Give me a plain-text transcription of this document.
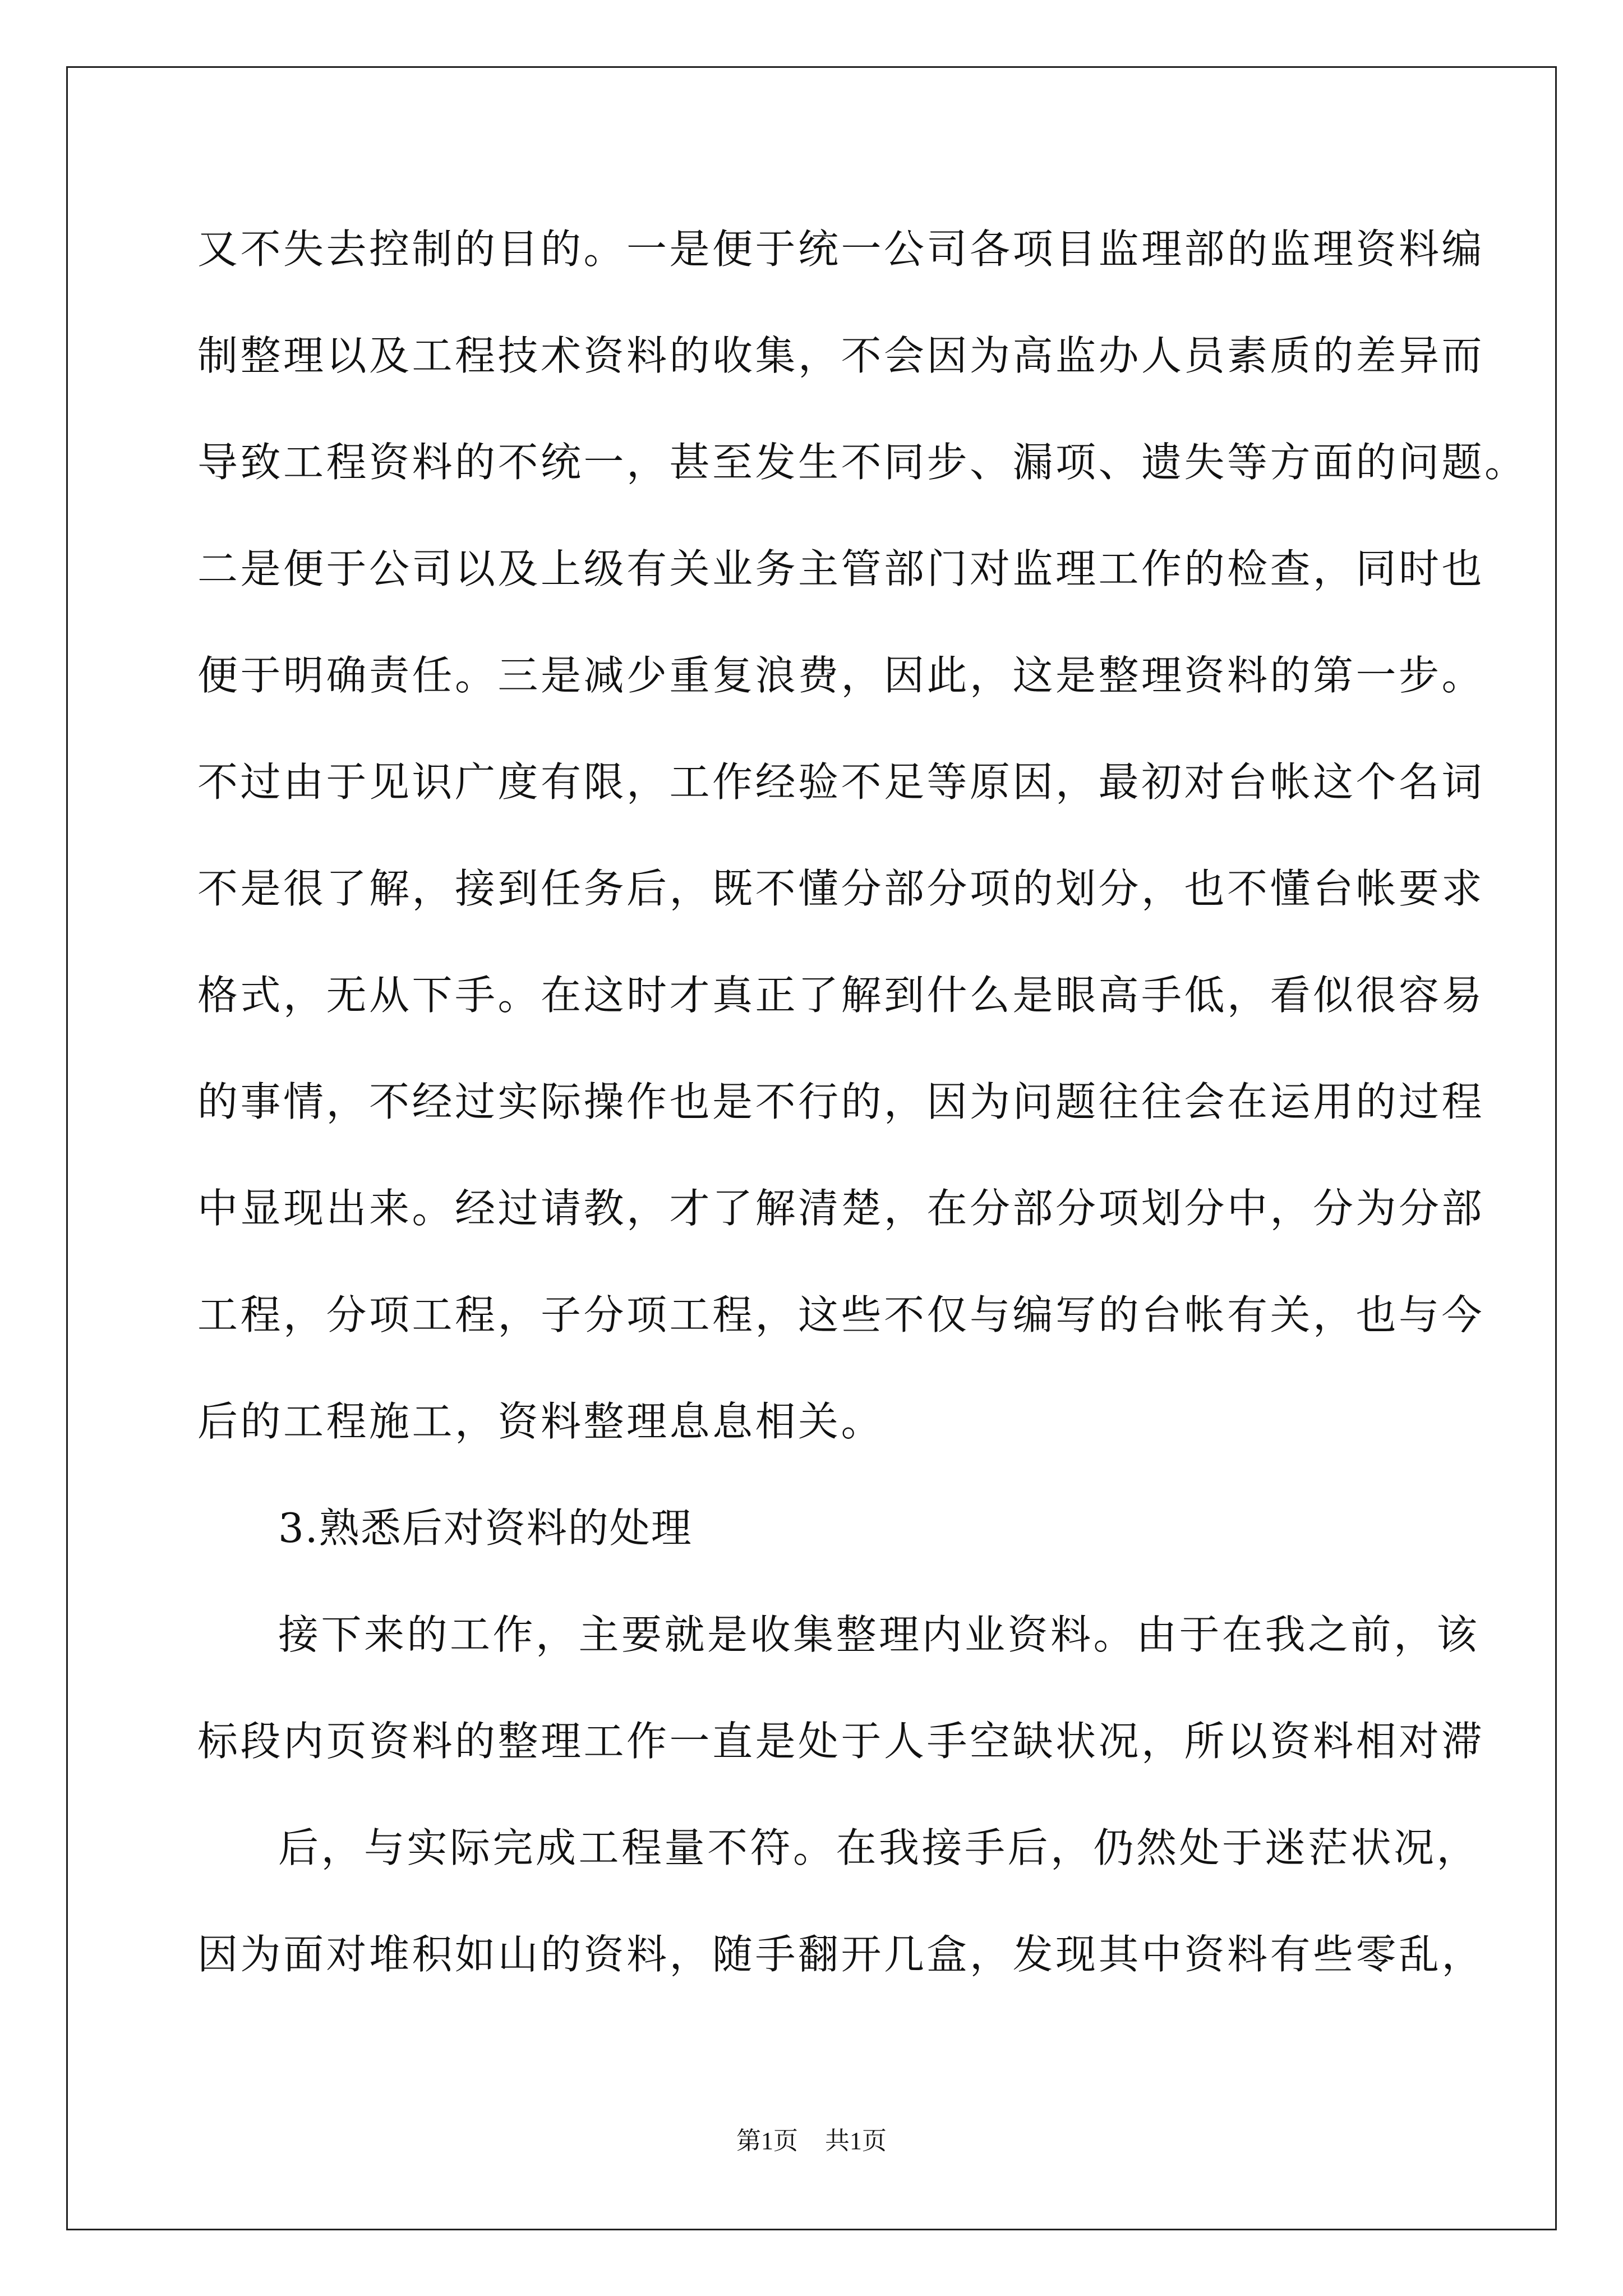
又不失去控制的目的。一是便于统一公司各项目监理部的监理资料编
制整理以及工程技术资料的收集，不会因为高监办人员素质的差异而
导致工程资料的不统一，甚至发生不同步、漏项、遗失等方面的问题。
二是便于公司以及上级有关业务主管部门对监理工作的检查，同时也
便于明确责任。三是减少重复浪费，因此，这是整理资料的第一步。
不过由于见识广度有限，工作经验不足等原因，最初对台帐这个名词
不是很了解，接到任务后，既不懂分部分项的划分，也不懂台帐要求
格式，无从下手。在这时才真正了解到什么是眼高手低，看似很容易
的事情，不经过实际操作也是不行的，因为问题往往会在运用的过程
中显现出来。经过请教，才了解清楚，在分部分项划分中，分为分部
工程，分项工程，子分项工程，这些不仅与编写的台帐有关，也与今
后的工程施工，资料整理息息相关。
3.熟悉后对资料的处理
接下来的工作，主要就是收集整理内业资料。由于在我之前，该
标段内页资料的整理工作一直是处于人手空缺状况，所以资料相对滞
后，与实际完成工程量不符。在我接手后，仍然处于迷茫状况，
因为面对堆积如山的资料，随手翻开几盒，发现其中资料有些零乱，
第1页 共1页
